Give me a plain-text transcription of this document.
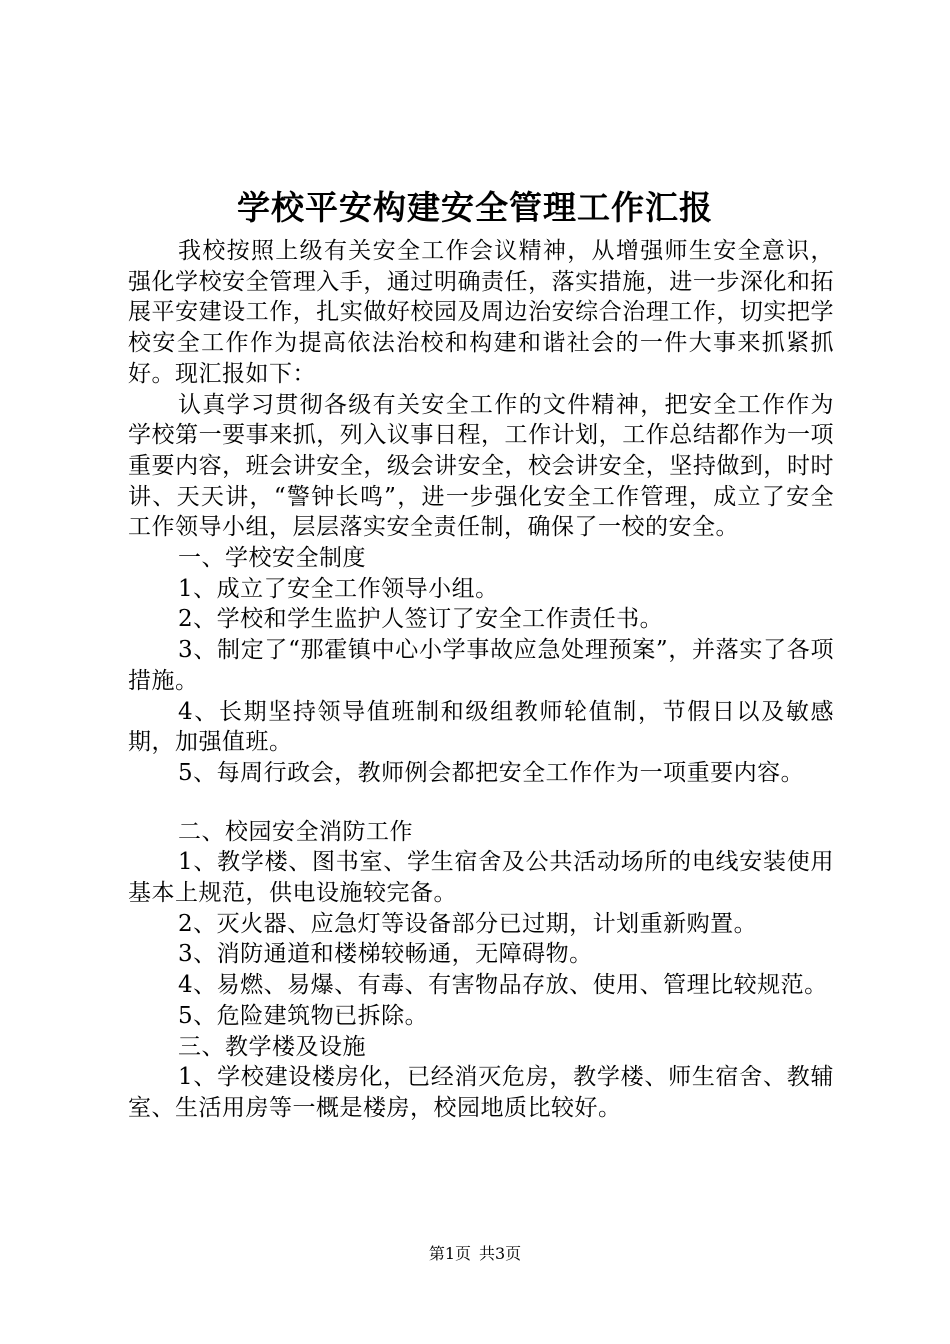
学校平安构建安全管理工作汇报

我校按照上级有关安全工作会议精神，从增强师生安全意识，强化学校安全管理入手，通过明确责任，落实措施，进一步深化和拓展平安建设工作，扎实做好校园及周边治安综合治理工作，切实把学校安全工作作为提高依法治校和构建和谐社会的一件大事来抓紧抓好。现汇报如下：

认真学习贯彻各级有关安全工作的文件精神，把安全工作作为学校第一要事来抓，列入议事日程，工作计划，工作总结都作为一项重要内容，班会讲安全，级会讲安全，校会讲安全，坚持做到，时时讲、天天讲，“警钟长鸣”，进一步强化安全工作管理，成立了安全工作领导小组，层层落实安全责任制，确保了一校的安全。

一、学校安全制度

1、成立了安全工作领导小组。

2、学校和学生监护人签订了安全工作责任书。

3、制定了“那霍镇中心小学事故应急处理预案”，并落实了各项措施。

4、长期坚持领导值班制和级组教师轮值制，节假日以及敏感期，加强值班。

5、每周行政会，教师例会都把安全工作作为一项重要内容。

二、校园安全消防工作

1、教学楼、图书室、学生宿舍及公共活动场所的电线安装使用基本上规范，供电设施较完备。

2、灭火器、应急灯等设备部分已过期，计划重新购置。

3、消防通道和楼梯较畅通，无障碍物。

4、易燃、易爆、有毒、有害物品存放、使用、管理比较规范。

5、危险建筑物已拆除。

三、教学楼及设施

1、学校建设楼房化，已经消灭危房，教学楼、师生宿舍、教辅室、生活用房等一概是楼房，校园地质比较好。

第1页 共3页
